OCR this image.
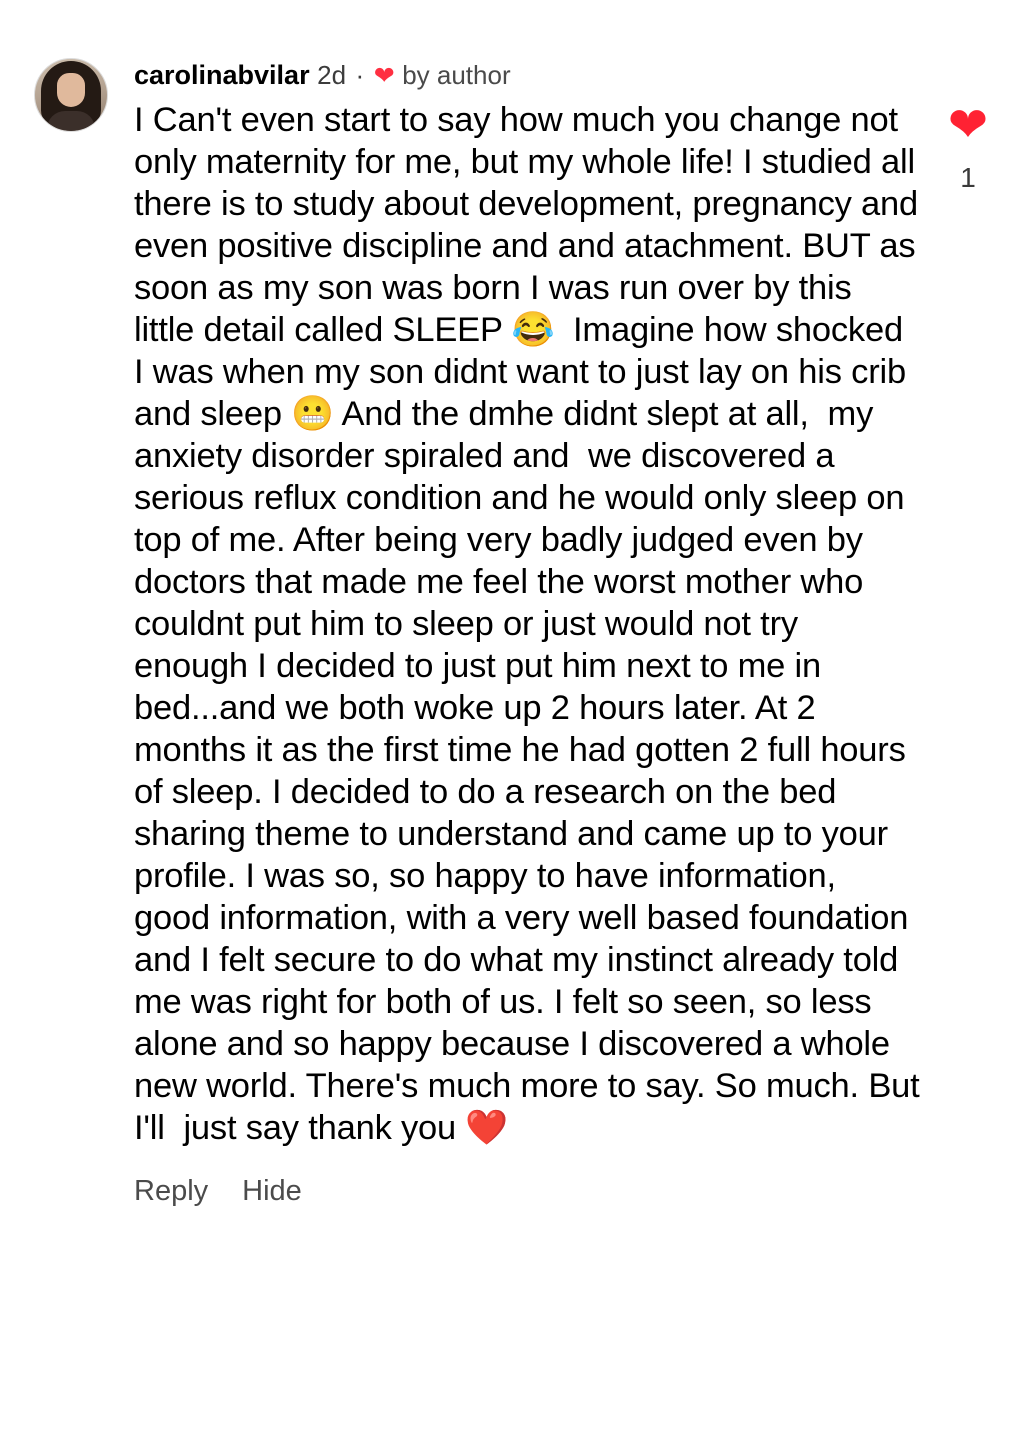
carolinabvilar 2d · ❤ by author
I Can't even start to say how much you change not only maternity for me, but my whole life! I studied all there is to study about development, pregnancy and even positive discipline and and atachment. BUT as soon as my son was born I was run over by this little detail called SLEEP 😂  Imagine how shocked I was when my son didnt want to just lay on his crib and sleep 😬 And the dmhe didnt slept at all,  my anxiety disorder spiraled and  we discovered a serious reflux condition and he would only sleep on top of me. After being very badly judged even by doctors that made me feel the worst mother who couldnt put him to sleep or just would not try enough I decided to just put him next to me in bed...and we both woke up 2 hours later. At 2 months it as the first time he had gotten 2 full hours of sleep. I decided to do a research on the bed sharing theme to understand and came up to your profile. I was so, so happy to have information, good information, with a very well based foundation and I felt secure to do what my instinct already told me was right for both of us. I felt so seen, so less alone and so happy because I discovered a whole new world. There's much more to say. So much. But I'll  just say thank you ❤️
Reply Hide
❤
1
